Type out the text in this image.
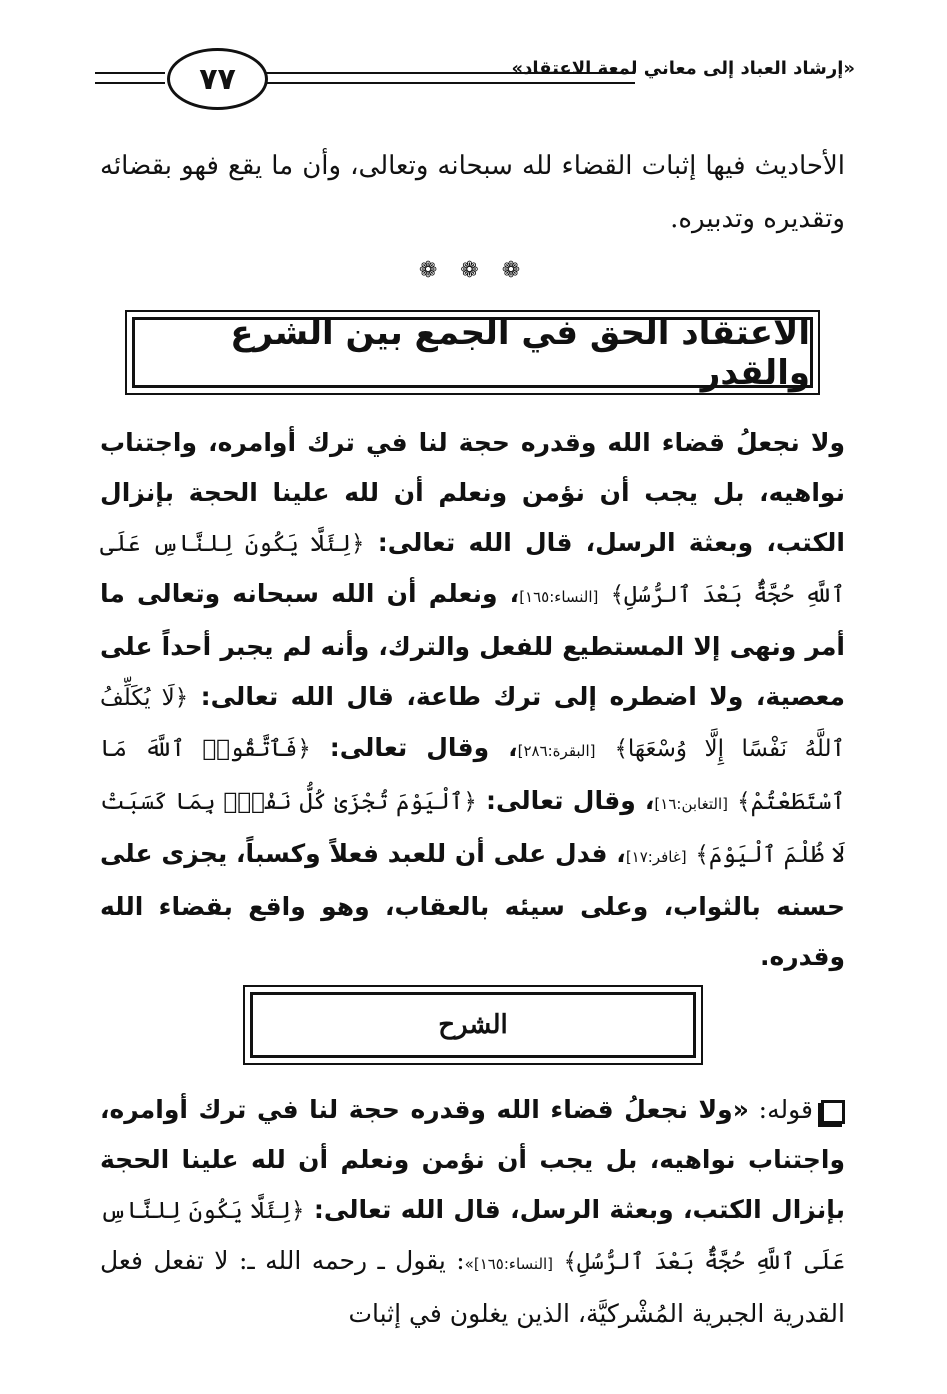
٧٧	«إرشاد العباد إلى معاني لمعة الاعتقاد»
الأحاديث فيها إثبات القضاء لله سبحانه وتعالى، وأن ما يقع فهو بقضائه وتقديره وتدبيره.
❁ ❁ ❁
الاعتقاد الحق في الجمع بين الشرع والقدر
ولا نجعلُ قضاء الله وقدره حجة لنا في ترك أوامره، واجتناب نواهيه، بل يجب أن نؤمن ونعلم أن لله علينا الحجة بإنزال الكتب، وبعثة الرسل، قال الله تعالى: ﴿لِئَلَّا يَكُونَ لِلنَّاسِ عَلَى ٱللَّهِ حُجَّةٌۢ بَعْدَ ٱلرُّسُلِ﴾ [النساء:١٦٥]، ونعلم أن الله سبحانه وتعالى ما أمر ونهى إلا المستطيع للفعل والترك، وأنه لم يجبر أحداً على معصية، ولا اضطره إلى ترك طاعة، قال الله تعالى: ﴿لَا يُكَلِّفُ ٱللَّهُ نَفْسًا إِلَّا وُسْعَهَا﴾ [البقرة:٢٨٦]، وقال تعالى: ﴿فَٱتَّقُوا۟ ٱللَّهَ مَا ٱسْتَطَعْتُمْ﴾ [التغابن:١٦]، وقال تعالى: ﴿ٱلْيَوْمَ تُجْزَىٰ كُلُّ نَفْسٍۭ بِمَا كَسَبَتْ لَا ظُلْمَ ٱلْيَوْمَ﴾ [غافر:١٧]، فدل على أن للعبد فعلاً وكسباً، يجزى على حسنه بالثواب، وعلى سيئه بالعقاب، وهو واقع بقضاء الله وقدره.
الشرح
قوله: «ولا نجعلُ قضاء الله وقدره حجة لنا في ترك أوامره، واجتناب نواهيه، بل يجب أن نؤمن ونعلم أن لله علينا الحجة بإنزال الكتب، وبعثة الرسل، قال الله تعالى: ﴿لِئَلَّا يَكُونَ لِلنَّاسِ عَلَى ٱللَّهِ حُجَّةٌۢ بَعْدَ ٱلرُّسُلِ﴾ [النساء:١٦٥]»: يقول ـ رحمه الله ـ: لا تفعل فعل القدرية الجبرية المُشْركيَّة، الذين يغلون في إثبات
